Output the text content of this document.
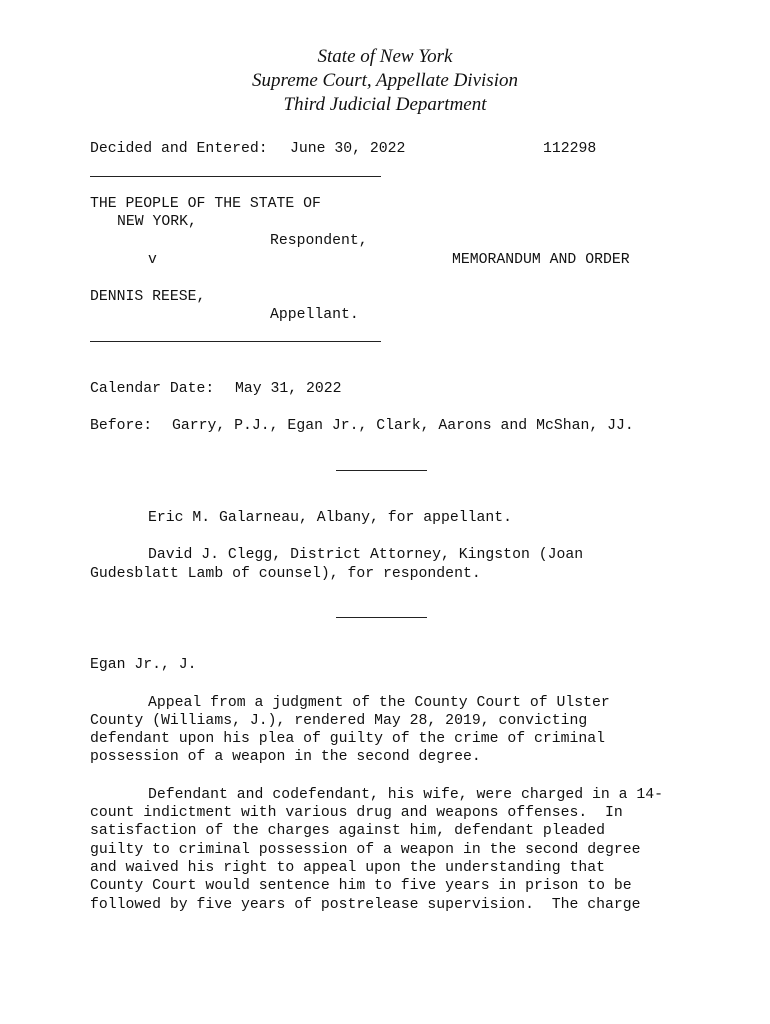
State of New York
Supreme Court, Appellate Division
Third Judicial Department
Decided and Entered: June 30, 2022	112298
THE PEOPLE OF THE STATE OF
NEW YORK,
Respondent,
v	MEMORANDUM AND ORDER
DENNIS REESE,
Appellant.
Calendar Date: May 31, 2022
Before: Garry, P.J., Egan Jr., Clark, Aarons and McShan, JJ.
Eric M. Galarneau, Albany, for appellant.
David J. Clegg, District Attorney, Kingston (Joan
Gudesblatt Lamb of counsel), for respondent.
Egan Jr., J.
Appeal from a judgment of the County Court of Ulster
County (Williams, J.), rendered May 28, 2019, convicting
defendant upon his plea of guilty of the crime of criminal
possession of a weapon in the second degree.
Defendant and codefendant, his wife, were charged in a 14-
count indictment with various drug and weapons offenses.  In
satisfaction of the charges against him, defendant pleaded
guilty to criminal possession of a weapon in the second degree
and waived his right to appeal upon the understanding that
County Court would sentence him to five years in prison to be
followed by five years of postrelease supervision.  The charge
